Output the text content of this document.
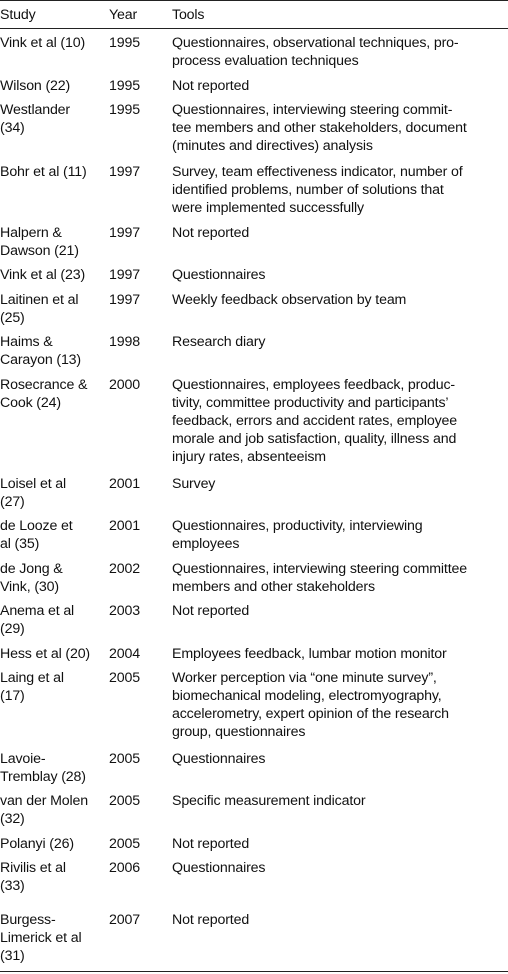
Study	Year	Tools
Vink et al (10)	1995	Questionnaires, observational techniques, pro-
process evaluation techniques
Wilson (22)	1995	Not reported
Westlander
(34)
1995	Questionnaires, interviewing steering commit-
tee members and other stakeholders, document
(minutes and directives) analysis
Bohr et al (11)	1997	Survey, team effectiveness indicator, number of
identified problems, number of solutions that
were implemented successfully
Halpern &
Dawson (21)
1997	Not reported
Vink et al (23)	1997	Questionnaires
Laitinen et al
(25)
1997	Weekly feedback observation by team
Haims &
Carayon (13)
1998	Research diary
Rosecrance &
Cook (24)
2000	Questionnaires, employees feedback, produc-
tivity, committee productivity and participants’
feedback, errors and accident rates, employee
morale and job satisfaction, quality, illness and
injury rates, absenteeism
Loisel et al
(27)
2001	Survey
de Looze et
al (35)
2001	Questionnaires, productivity, interviewing
employees
de Jong &
Vink, (30)
2002	Questionnaires, interviewing steering committee
members and other stakeholders
Anema et al
(29)
2003	Not reported
Hess et al (20)	2004	Employees feedback, lumbar motion monitor
Laing et al
(17)
2005	Worker perception via “one minute survey”,
biomechanical modeling, electromyography,
accelerometry, expert opinion of the research
group, questionnaires
Lavoie-
Tremblay (28)
2005	Questionnaires
van der Molen
(32)
2005	Specific measurement indicator
Polanyi (26)	2005	Not reported
Rivilis et al
(33)
2006	Questionnaires
Burgess-
Limerick et al
(31)
2007	Not reported
